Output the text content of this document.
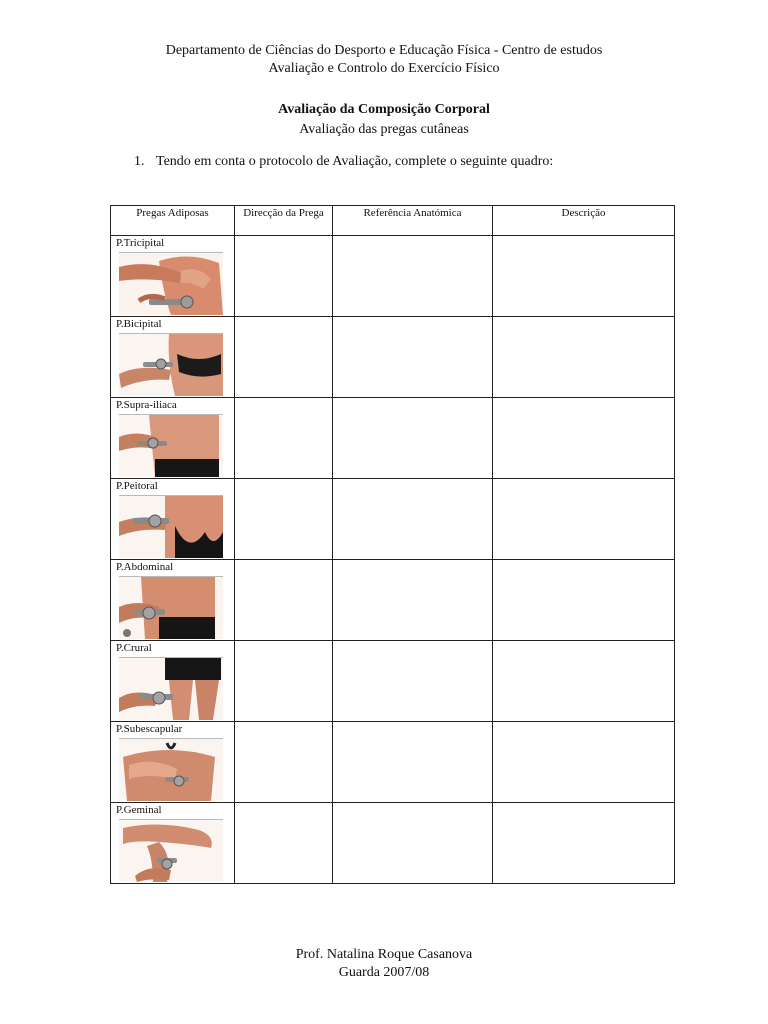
Departamento de Ciências do Desporto e Educação Física - Centro de estudos
Avaliação e Controlo do Exercício Físico
Avaliação da Composição Corporal
Avaliação das pregas cutâneas
1. Tendo em conta o protocolo de Avaliação, complete o seguinte quadro:
Pregas Adiposas	Direcção da Prega	Referência Anatómica	Descrição

P.Tricipital			

P.Bicipital			

P.Supra-iliaca			

P.Peitoral			

P.Abdominal			

P.Crural			

P.Subescapular			

P.Geminal			

Prof. Natalina Roque Casanova
Guarda 2007/08
